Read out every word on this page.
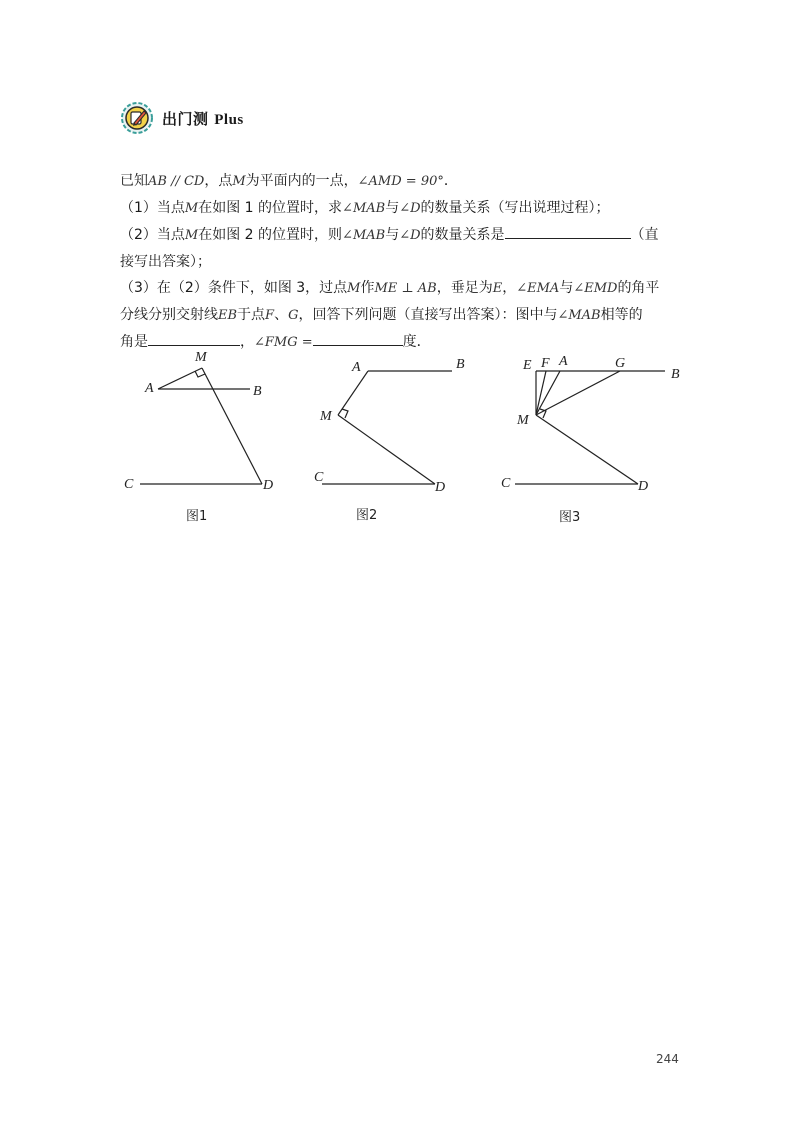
出门测 Plus
已知AB // CD，点M为平面内的一点，∠AMD = 90°．
（1）当点M在如图 1 的位置时，求∠MAB与∠D的数量关系（写出说理过程）；
（2）当点M在如图 2 的位置时，则∠MAB与∠D的数量关系是	（直
接写出答案）；
（3）在（2）条件下，如图 3，过点M作ME ⊥ AB，垂足为E，∠EMA与∠EMD的角平
分线分别交射线EB于点F、G，回答下列问题（直接写出答案）：图中与∠MAB相等的
角是	，∠FMG =	度．
M
A	B
C	D
图1
A	B
M
C
D
图2
E F A	G
B
M
C	D
图3
244
